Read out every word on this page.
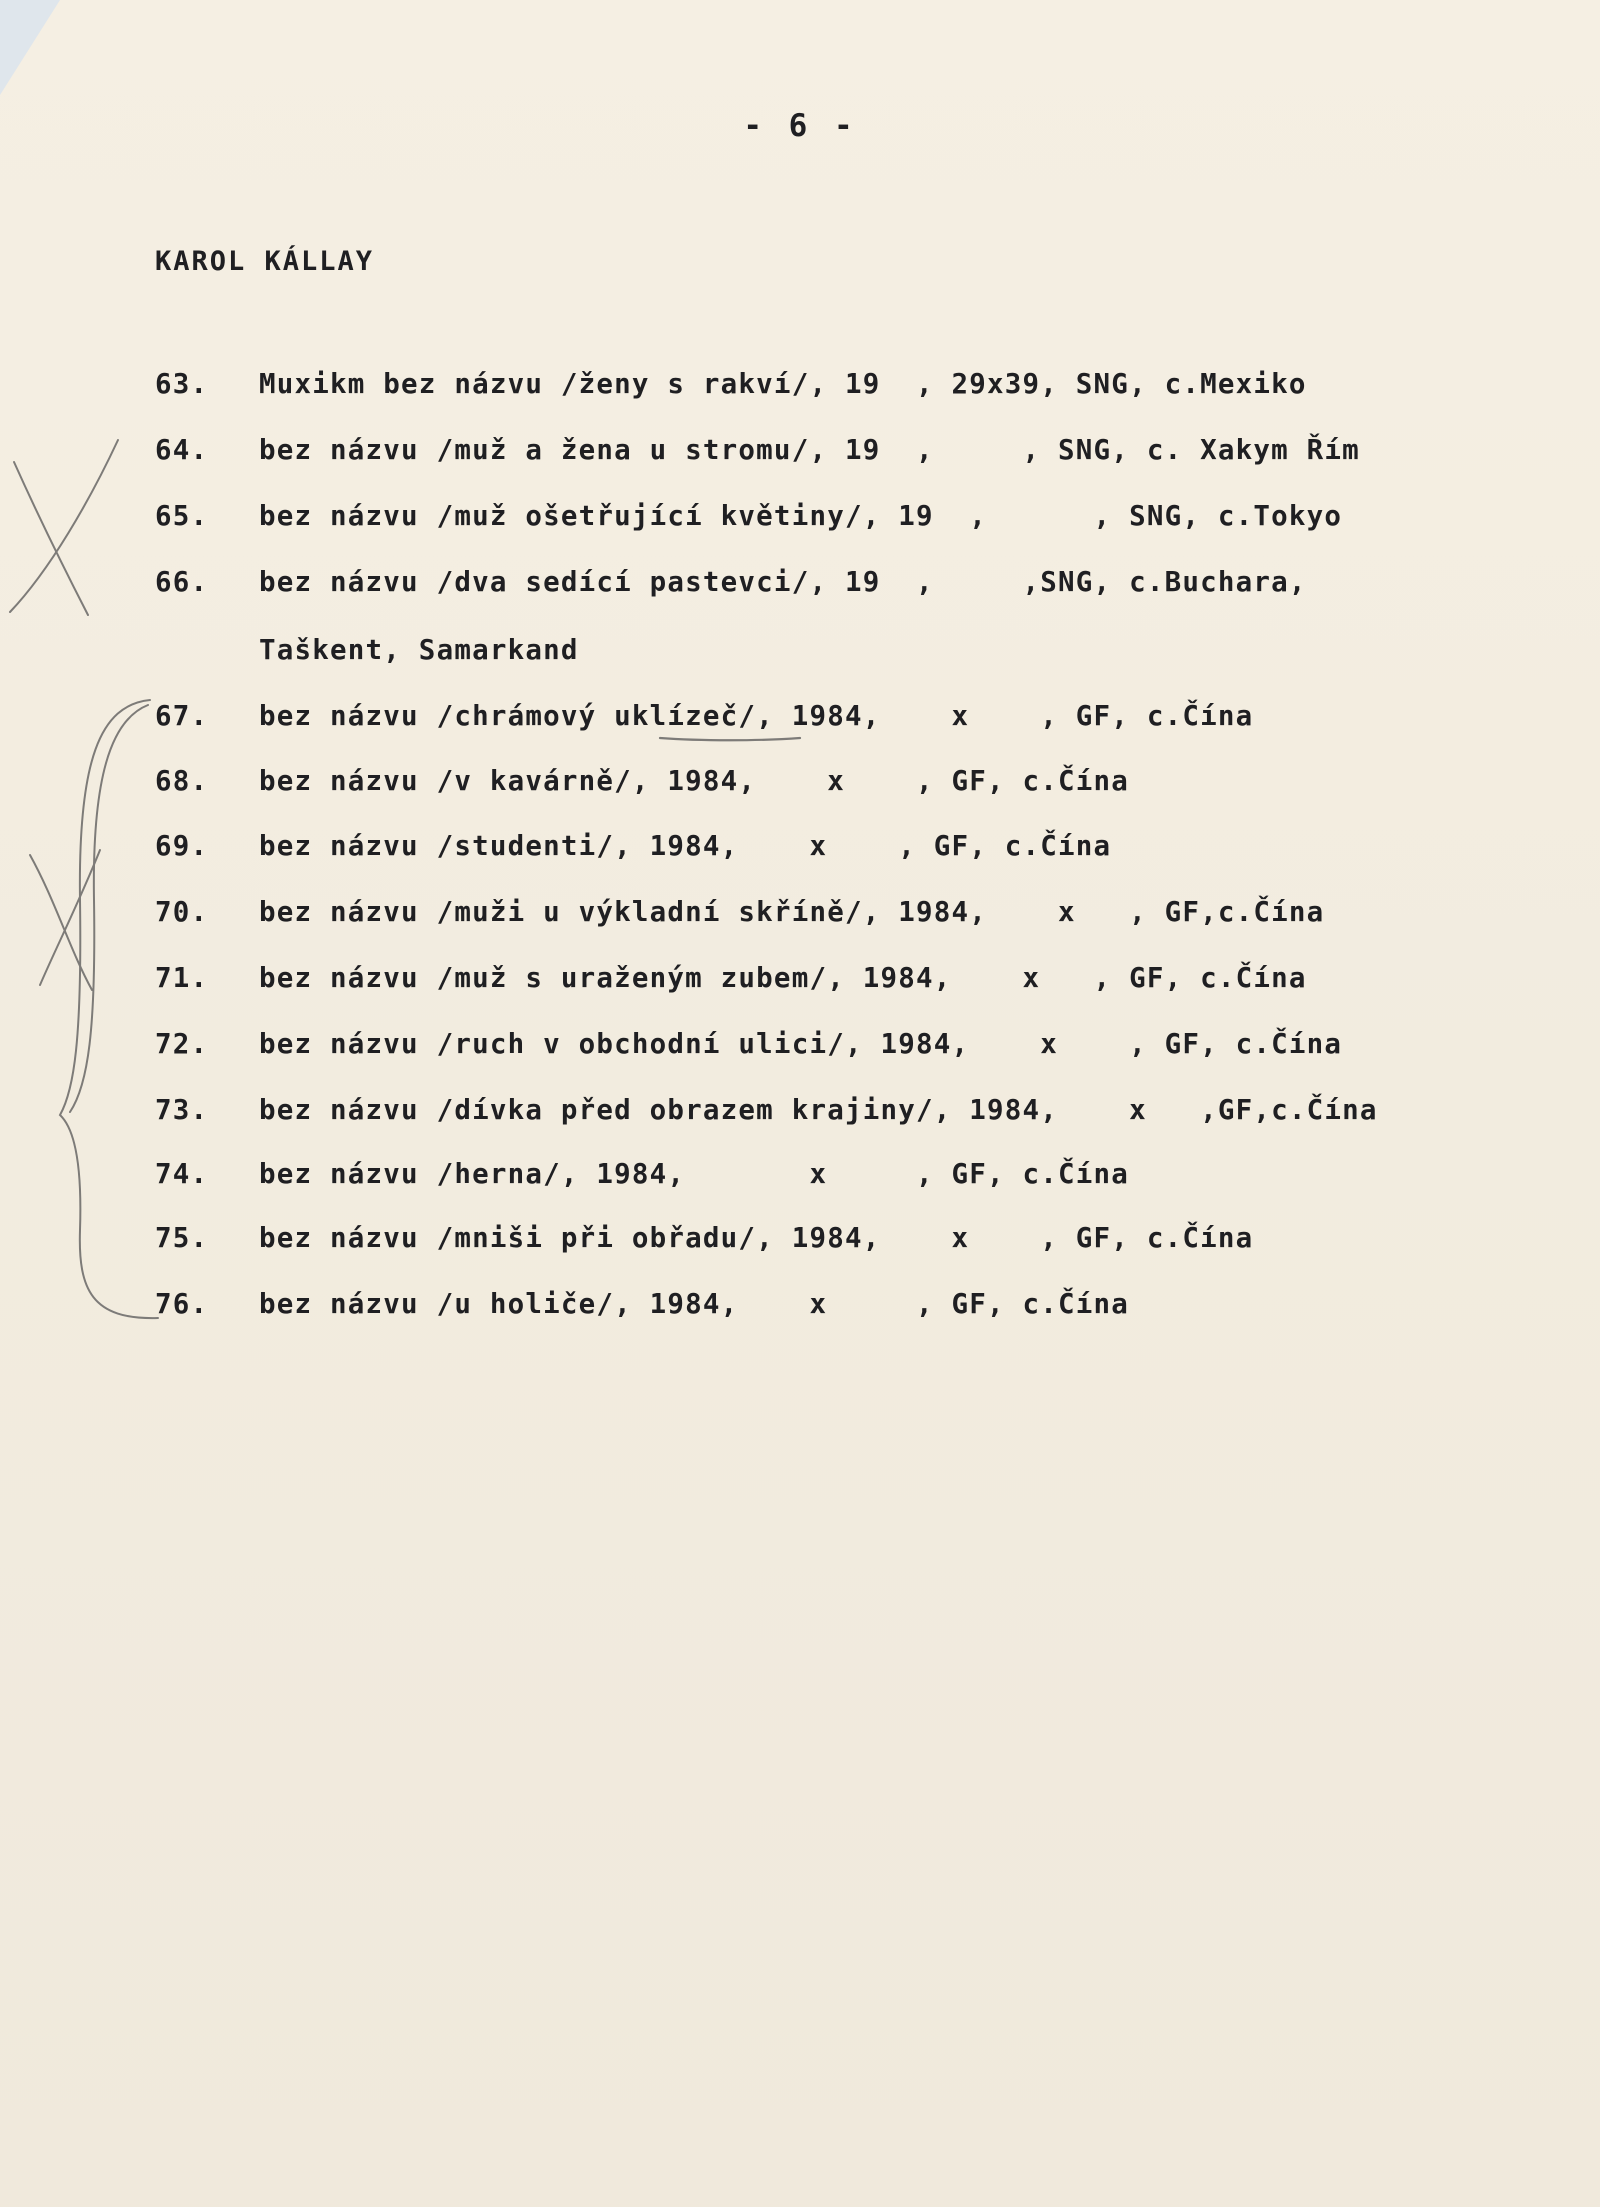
- 6 -
KAROL KÁLLAY
63. Muxikm bez názvu /ženy s rakví/, 19  , 29x39, SNG, c.Mexiko
64. bez názvu /muž a žena u stromu/, 19  ,     , SNG, c. Xakym Řím
65. bez názvu /muž ošetřující květiny/, 19  ,      , SNG, c.Tokyo
66. bez názvu /dva sedící pastevci/, 19  ,     ,SNG, c.Buchara,
Taškent, Samarkand
67. bez názvu /chrámový uklízeč/, 1984,    x    , GF, c.Čína
68. bez názvu /v kavárně/, 1984,    x    , GF, c.Čína
69. bez názvu /studenti/, 1984,    x    , GF, c.Čína
70. bez názvu /muži u výkladní skříně/, 1984,    x   , GF,c.Čína
71. bez názvu /muž s uraženým zubem/, 1984,    x   , GF, c.Čína
72. bez názvu /ruch v obchodní ulici/, 1984,    x    , GF, c.Čína
73. bez názvu /dívka před obrazem krajiny/, 1984,    x   ,GF,c.Čína
74. bez názvu /herna/, 1984,       x     , GF, c.Čína
75. bez názvu /mniši při obřadu/, 1984,    x    , GF, c.Čína
76. bez názvu /u holiče/, 1984,    x     , GF, c.Čína
